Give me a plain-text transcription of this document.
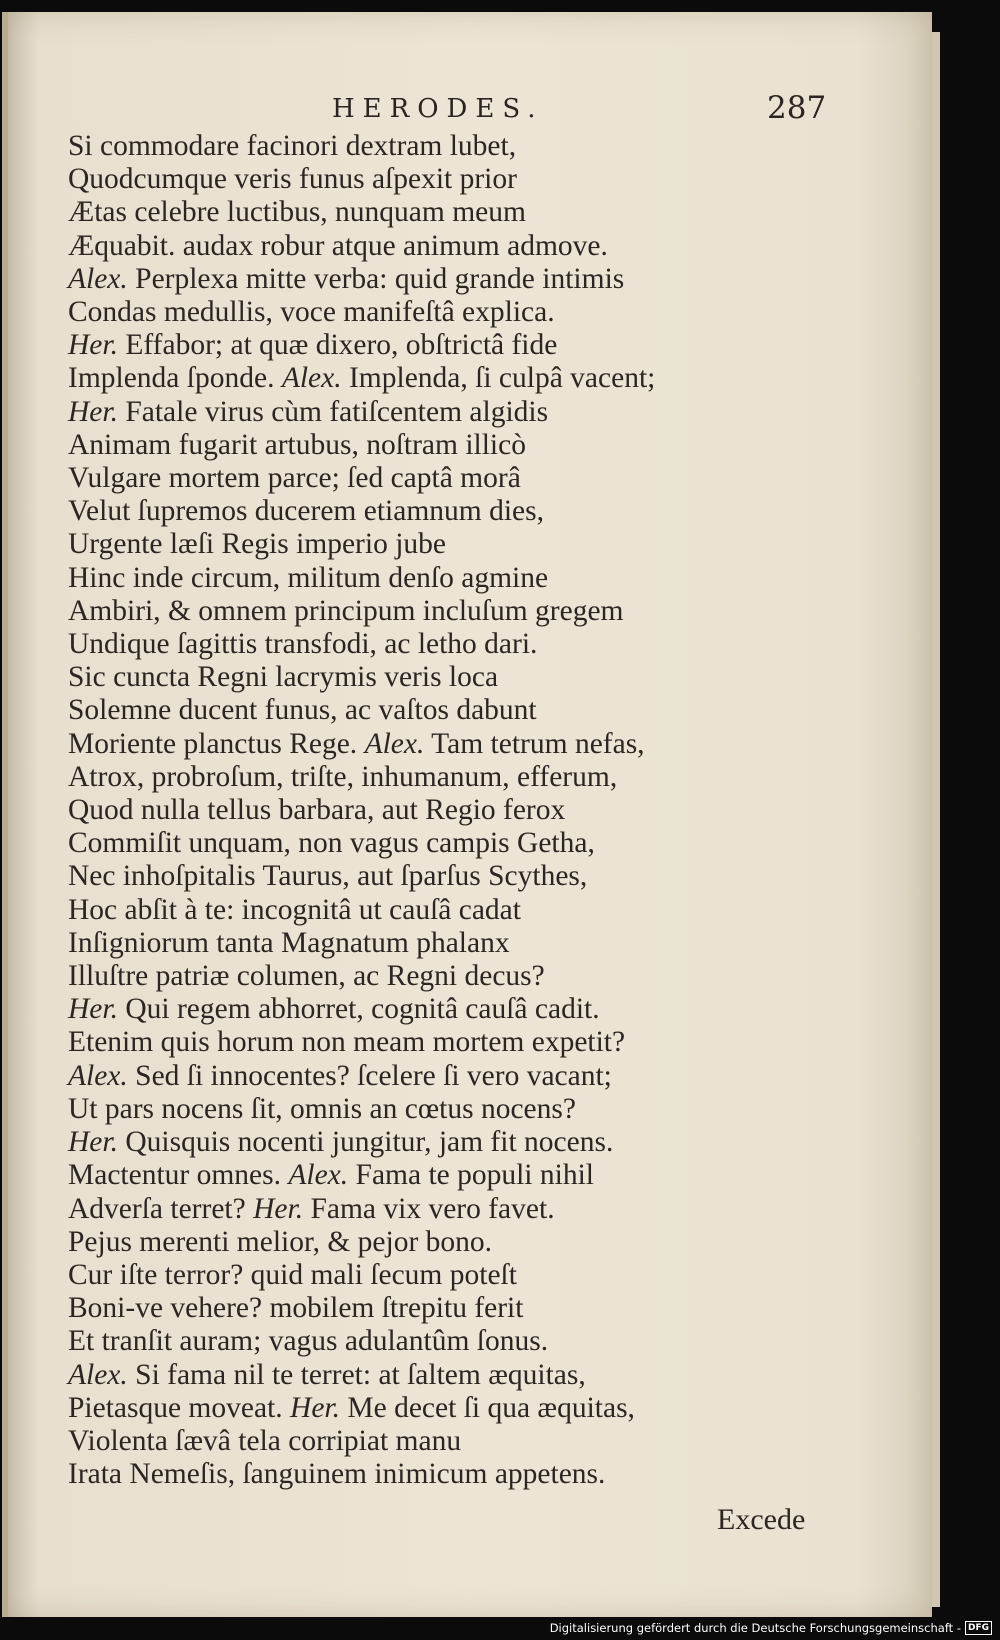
HERODES.	287
Si commodare facinori dextram lubet,
Quodcumque veris funus aſpexit prior
Ætas celebre luctibus, nunquam meum
Æquabit. audax robur atque animum admove.
Alex. Perplexa mitte verba: quid grande intimis
Condas medullis, voce manifeſtâ explica.
Her. Effabor; at quæ dixero, obſtrictâ fide
Implenda ſponde. Alex. Implenda, ſi culpâ vacent;
Her. Fatale virus cùm fatiſcentem algidis
Animam fugarit artubus, noſtram illicò
Vulgare mortem parce; ſed captâ morâ
Velut ſupremos ducerem etiamnum dies,
Urgente læſi Regis imperio jube
Hinc inde circum, militum denſo agmine
Ambiri, & omnem principum incluſum gregem
Undique ſagittis transfodi, ac letho dari.
Sic cuncta Regni lacrymis veris loca
Solemne ducent funus, ac vaſtos dabunt
Moriente planctus Rege. Alex. Tam tetrum nefas,
Atrox, probroſum, triſte, inhumanum, efferum,
Quod nulla tellus barbara, aut Regio ferox
Commiſit unquam, non vagus campis Getha,
Nec inhoſpitalis Taurus, aut ſparſus Scythes,
Hoc abſit à te: incognitâ ut cauſâ cadat
Inſigniorum tanta Magnatum phalanx
Illuſtre patriæ columen, ac Regni decus?
Her. Qui regem abhorret, cognitâ cauſâ cadit.
Etenim quis horum non meam mortem expetit?
Alex. Sed ſi innocentes? ſcelere ſi vero vacant;
Ut pars nocens ſit, omnis an cœtus nocens?
Her. Quisquis nocenti jungitur, jam fit nocens.
Mactentur omnes. Alex. Fama te populi nihil
Adverſa terret? Her. Fama vix vero favet.
Pejus merenti melior, & pejor bono.
Cur iſte terror? quid mali ſecum poteſt
Boni-ve vehere? mobilem ſtrepitu ferit
Et tranſit auram; vagus adulantûm ſonus.
Alex. Si fama nil te terret: at ſaltem æquitas,
Pietasque moveat. Her. Me decet ſi qua æquitas,
Violenta ſævâ tela corripiat manu
Irata Nemeſis, ſanguinem inimicum appetens.
Excede
Digitalisierung gefördert durch die Deutsche Forschungsgemeinschaft - DFG
